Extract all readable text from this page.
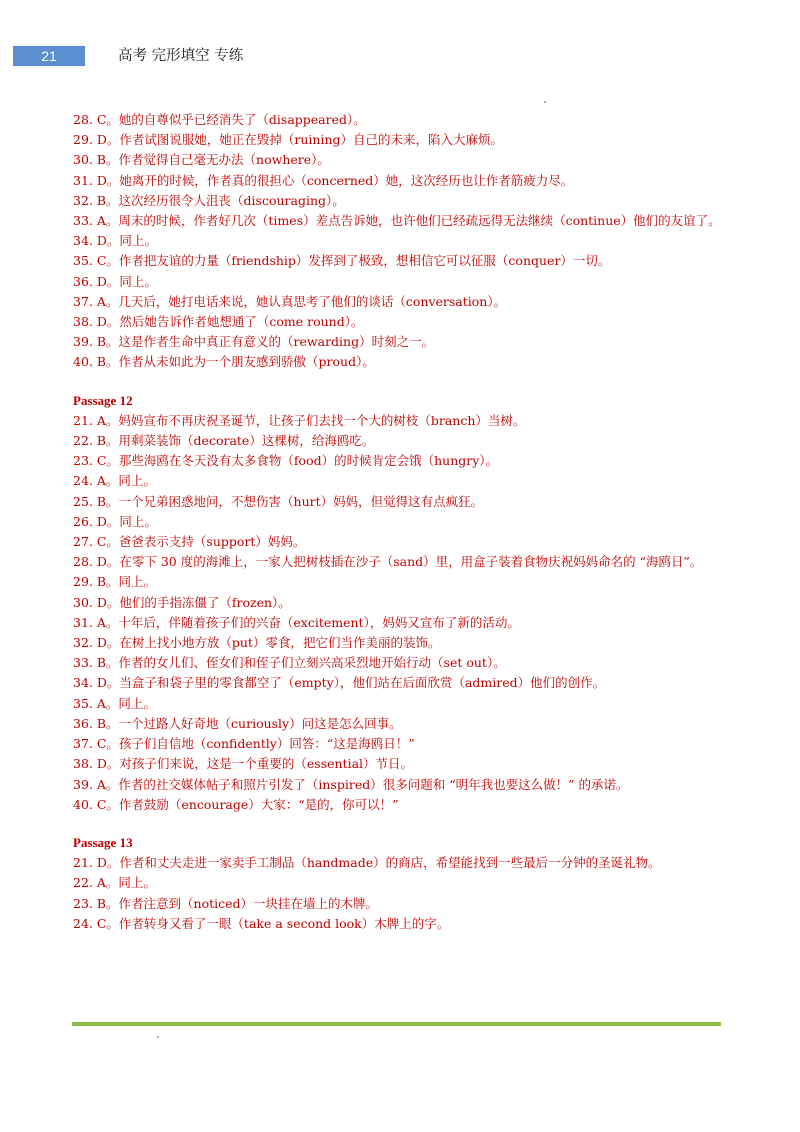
21	高考 完形填空 专练

28. C。她的自尊似乎已经消失了（disappeared）。

29. D。作者试图说服她，她正在毁掉（ruining）自己的未来，陷入大麻烦。

30. B。作者觉得自己毫无办法（nowhere）。

31. D。她离开的时候，作者真的很担心（concerned）她，这次经历也让作者筋疲力尽。

32. B。这次经历很令人沮丧（discouraging）。

33. A。周末的时候，作者好几次（times）差点告诉她，也许他们已经疏远得无法继续（continue）他们的友谊了。

34. D。同上。

35. C。作者把友谊的力量（friendship）发挥到了极致，想相信它可以征服（conquer）一切。

36. D。同上。

37. A。几天后，她打电话来说，她认真思考了他们的谈话（conversation）。

38. D。然后她告诉作者她想通了（come round）。

39. B。这是作者生命中真正有意义的（rewarding）时刻之一。

40. B。作者从未如此为一个朋友感到骄傲（proud）。

Passage 12

21. A。妈妈宣布不再庆祝圣诞节，让孩子们去找一个大的树枝（branch）当树。

22. B。用剩菜装饰（decorate）这棵树，给海鸥吃。

23. C。那些海鸥在冬天没有太多食物（food）的时候肯定会饿（hungry）。

24. A。同上。

25. B。一个兄弟困惑地问，不想伤害（hurt）妈妈，但觉得这有点疯狂。

26. D。同上。

27. C。爸爸表示支持（support）妈妈。

28. D。在零下 30 度的海滩上，一家人把树枝插在沙子（sand）里，用盒子装着食物庆祝妈妈命名的 “海鸥日”。

29. B。同上。

30. D。他们的手指冻僵了（frozen）。

31. A。十年后，伴随着孩子们的兴奋（excitement），妈妈又宣布了新的活动。

32. D。在树上找小地方放（put）零食，把它们当作美丽的装饰。

33. B。作者的女儿们、侄女们和侄子们立刻兴高采烈地开始行动（set out）。

34. D。当盒子和袋子里的零食都空了（empty），他们站在后面欣赏（admired）他们的创作。

35. A。同上。

36. B。一个过路人好奇地（curiously）问这是怎么回事。

37. C。孩子们自信地（confidently）回答：“这是海鸥日！”

38. D。对孩子们来说，这是一个重要的（essential）节日。

39. A。作者的社交媒体帖子和照片引发了（inspired）很多问题和 “明年我也要这么做！” 的承诺。

40. C。作者鼓励（encourage）大家：“是的，你可以！”

Passage 13

21. D。作者和丈夫走进一家卖手工制品（handmade）的商店，希望能找到一些最后一分钟的圣诞礼物。

22. A。同上。

23. B。作者注意到（noticed）一块挂在墙上的木牌。

24. C。作者转身又看了一眼（take a second look）木牌上的字。
